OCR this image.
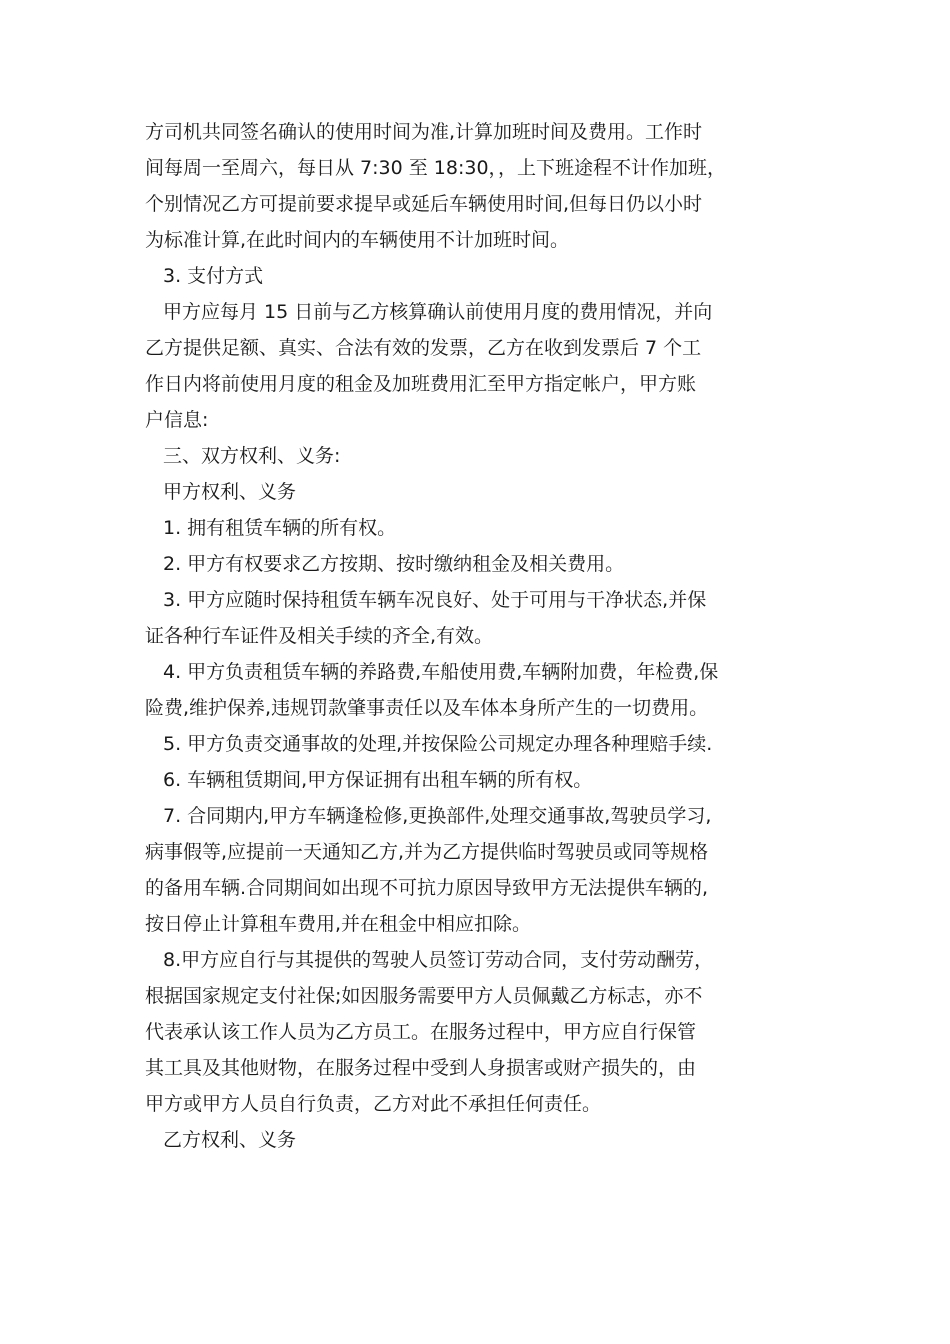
方司机共同签名确认的使用时间为准,计算加班时间及费用。工作时
间每周一至周六，每日从 7:30 至 18:30，，上下班途程不计作加班，
个别情况乙方可提前要求提早或延后车辆使用时间,但每日仍以小时
为标准计算,在此时间内的车辆使用不计加班时间。
3. 支付方式
甲方应每月 15 日前与乙方核算确认前使用月度的费用情况，并向
乙方提供足额、真实、合法有效的发票，乙方在收到发票后 7 个工
作日内将前使用月度的租金及加班费用汇至甲方指定帐户，甲方账
户信息:
三、双方权利、义务:
甲方权利、义务
1. 拥有租赁车辆的所有权。
2. 甲方有权要求乙方按期、按时缴纳租金及相关费用。
3. 甲方应随时保持租赁车辆车况良好、处于可用与干净状态,并保
证各种行车证件及相关手续的齐全,有效。
4. 甲方负责租赁车辆的养路费,车船使用费,车辆附加费，年检费,保
险费,维护保养,违规罚款肇事责任以及车体本身所产生的一切费用。
5. 甲方负责交通事故的处理,并按保险公司规定办理各种理赔手续.
6. 车辆租赁期间,甲方保证拥有出租车辆的所有权。
7. 合同期内,甲方车辆逢检修,更换部件,处理交通事故,驾驶员学习,
病事假等,应提前一天通知乙方,并为乙方提供临时驾驶员或同等规格
的备用车辆.合同期间如出现不可抗力原因导致甲方无法提供车辆的,
按日停止计算租车费用,并在租金中相应扣除。
8.甲方应自行与其提供的驾驶人员签订劳动合同，支付劳动酬劳，
根据国家规定支付社保;如因服务需要甲方人员佩戴乙方标志，亦不
代表承认该工作人员为乙方员工。在服务过程中，甲方应自行保管
其工具及其他财物，在服务过程中受到人身损害或财产损失的，由
甲方或甲方人员自行负责，乙方对此不承担任何责任。
乙方权利、义务
